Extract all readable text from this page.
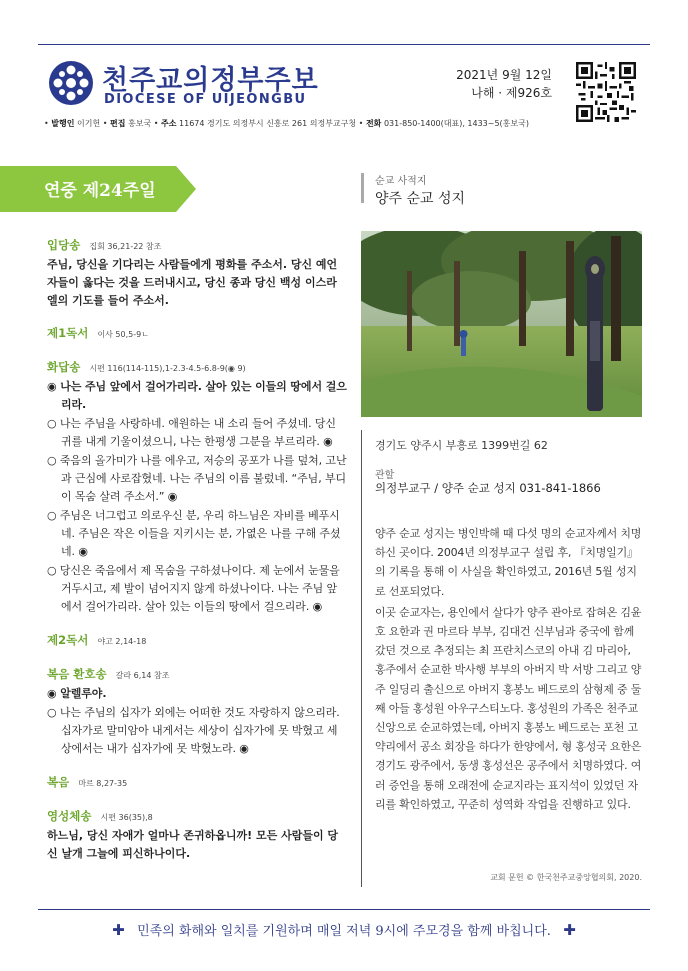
천주교의정부주보
DIOCESE OF UIJEONGBU
2021년 9월 12일
나해 · 제926호
• 발행인 이기헌 • 편집 홍보국 • 주소 11674 경기도 의정부시 신흥로 261 의정부교구청 • 전화 031-850-1400(대표), 1433~5(홍보국)
연중 제24주일
입당송 집회 36,21-22 참조
주님, 당신을 기다리는 사람들에게 평화를 주소서. 당신 예언자들이 옳다는 것을 드러내시고, 당신 종과 당신 백성 이스라엘의 기도를 들어 주소서.
제1독서 이사 50,5-9ㄴ
화답송 시편 116(114-115),1-2.3-4.5-6.8-9(◉ 9)
◉ 나는 주님 앞에서 걸어가리라. 살아 있는 이들의 땅에서 걸으리라.
○ 나는 주님을 사랑하네. 애원하는 내 소리 들어 주셨네. 당신 귀를 내게 기울이셨으니, 나는 한평생 그분을 부르리라. ◉
○ 죽음의 올가미가 나를 에우고, 저승의 공포가 나를 덮쳐, 고난과 근심에 사로잡혔네. 나는 주님의 이름 불렀네. “주님, 부디 이 목숨 살려 주소서.” ◉
○ 주님은 너그럽고 의로우신 분, 우리 하느님은 자비를 베푸시네. 주님은 작은 이들을 지키시는 분, 가엾은 나를 구해 주셨네. ◉
○ 당신은 죽음에서 제 목숨을 구하셨나이다. 제 눈에서 눈물을 거두시고, 제 발이 넘어지지 않게 하셨나이다. 나는 주님 앞에서 걸어가리라. 살아 있는 이들의 땅에서 걸으리라. ◉
제2독서 야고 2,14-18
복음 환호송 갈라 6,14 참조
◉ 알렐루야.
○ 나는 주님의 십자가 외에는 어떠한 것도 자랑하지 않으리라. 십자가로 말미암아 내게서는 세상이 십자가에 못 박혔고 세상에서는 내가 십자가에 못 박혔노라. ◉
복음 마르 8,27-35
영성체송 시편 36(35),8
하느님, 당신 자애가 얼마나 존귀하옵니까! 모든 사람들이 당신 날개 그늘에 피신하나이다.
순교 사적지
양주 순교 성지
경기도 양주시 부흥로 1399번길 62
관할
의정부교구 / 양주 순교 성지 031-841-1866

양주 순교 성지는 병인박해 때 다섯 명의 순교자께서 치명하신 곳이다. 2004년 의정부교구 설립 후, 『치명일기』의 기록을 통해 이 사실을 확인하였고, 2016년 5월 성지로 선포되었다.

이곳 순교자는, 용인에서 살다가 양주 관아로 잡혀온 김윤호 요한과 권 마르타 부부, 김대건 신부님과 중국에 함께 갔던 것으로 추정되는 최 프란치스코의 아내 김 마리아, 홍주에서 순교한 박사행 부부의 아버지 박 서방 그리고 양주 일딩리 출신으로 아버지 홍봉노 베드로의 삼형제 중 둘째 아들 홍성원 아우구스티노다. 홍성원의 가족은 천주교 신앙으로 순교하였는데, 아버지 홍봉노 베드로는 포천 고약리에서 공소 회장을 하다가 한양에서, 형 홍성국 요한은 경기도 광주에서, 동생 홍성선은 공주에서 치명하였다. 여러 증언을 통해 오래전에 순교지라는 표지석이 있었던 자리를 확인하였고, 꾸준히 성역화 작업을 진행하고 있다.

교회 문헌 © 한국천주교중앙협의회, 2020.
✚ 민족의 화해와 일치를 기원하며 매일 저녁 9시에 주모경을 함께 바칩니다. ✚
